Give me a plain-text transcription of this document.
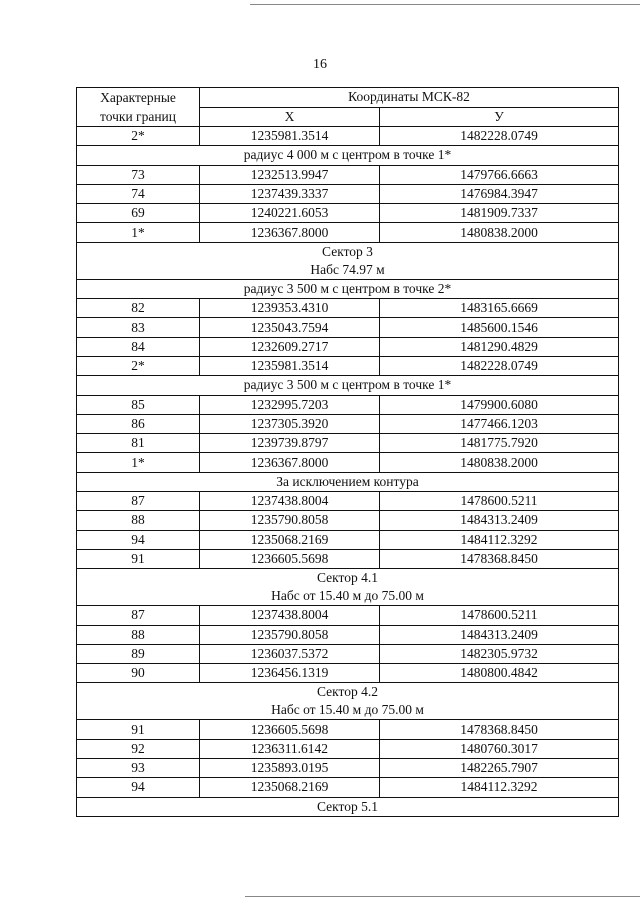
16
Характерные точки границ	Координаты МСК-82	
	X	У
2*	1235981.3514	1482228.0749

радиус 4 000 м с центром в точке 1*		

73	1232513.9947	1479766.6663
74	1237439.3337	1476984.3947
69	1240221.6053	1481909.7337
1*	1236367.8000	1480838.2000

Сектор 3
Набс 74.97 м		

радиус 3 500 м с центром в точке 2*		

82	1239353.4310	1483165.6669
83	1235043.7594	1485600.1546
84	1232609.2717	1481290.4829
2*	1235981.3514	1482228.0749

радиус 3 500 м с центром в точке 1*		

85	1232995.7203	1479900.6080
86	1237305.3920	1477466.1203
81	1239739.8797	1481775.7920
1*	1236367.8000	1480838.2000

За исключением контура		

87	1237438.8004	1478600.5211
88	1235790.8058	1484313.2409
94	1235068.2169	1484112.3292
91	1236605.5698	1478368.8450

Сектор 4.1
Набс от 15.40 м до 75.00 м		

87	1237438.8004	1478600.5211
88	1235790.8058	1484313.2409
89	1236037.5372	1482305.9732
90	1236456.1319	1480800.4842

Сектор 4.2
Набс от 15.40 м до 75.00 м		

91	1236605.5698	1478368.8450
92	1236311.6142	1480760.3017
93	1235893.0195	1482265.7907
94	1235068.2169	1484112.3292

Сектор 5.1		
